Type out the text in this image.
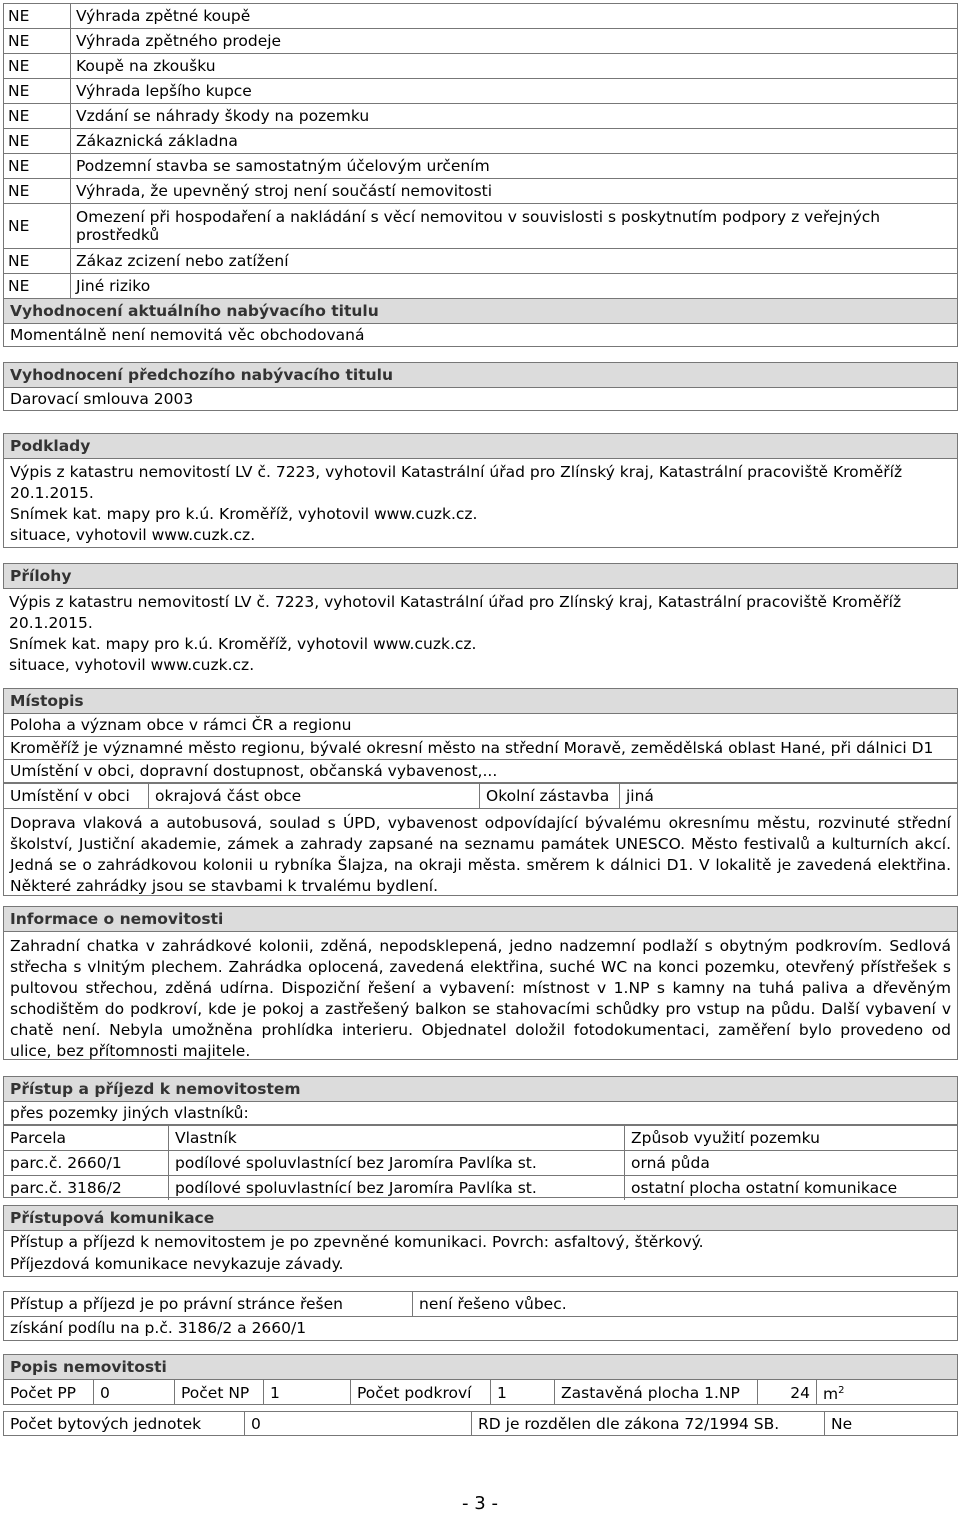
NE	Výhrada zpětné koupě
NE	Výhrada zpětného prodeje
NE	Koupě na zkoušku
NE	Výhrada lepšího kupce
NE	Vzdání se náhrady škody na pozemku
NE	Zákaznická základna
NE	Podzemní stavba se samostatným účelovým určením
NE	Výhrada, že upevněný stroj není součástí nemovitosti
NE	Omezení při hospodaření a nakládání s věcí nemovitou v souvislosti s poskytnutím podpory z veřejných prostředků
NE	Zákaz zcizení nebo zatížení
NE	Jiné riziko
Vyhodnocení aktuálního nabývacího titulu
Momentálně není nemovitá věc obchodovaná
Vyhodnocení předchozího nabývacího titulu
Darovací smlouva 2003
Podklady
Výpis z katastru nemovitostí LV č. 7223, vyhotovil Katastrální úřad pro Zlínský kraj, Katastrální pracoviště Kroměříž 20.1.2015.
Snímek kat. mapy pro k.ú. Kroměříž, vyhotovil www.cuzk.cz.
situace, vyhotovil www.cuzk.cz.
Přílohy
Výpis z katastru nemovitostí LV č. 7223, vyhotovil Katastrální úřad pro Zlínský kraj, Katastrální pracoviště Kroměříž 20.1.2015.
Snímek kat. mapy pro k.ú. Kroměříž, vyhotovil www.cuzk.cz.
situace, vyhotovil www.cuzk.cz.
Místopis
Poloha a význam obce v rámci ČR a regionu
Kroměříž je významné město regionu, bývalé okresní město na střední Moravě, zemědělská oblast Hané, při dálnici D1
Umístění v obci, dopravní dostupnost, občanská vybavenost,...
Umístění v obci	okrajová část obce	Okolní zástavba	jiná
Doprava vlaková a autobusová, soulad s ÚPD, vybavenost odpovídající bývalému okresnímu městu, rozvinuté střední školství, Justiční akademie, zámek a zahrady zapsané na seznamu památek UNESCO. Město festivalů a kulturních akcí. Jedná se o zahrádkovou kolonii u rybníka Šlajza, na okraji města. směrem k dálnici D1. V lokalitě je zavedená elektřina. Některé zahrádky jsou se stavbami k trvalému bydlení.
Informace o nemovitosti
Zahradní chatka v zahrádkové kolonii, zděná, nepodsklepená, jedno nadzemní podlaží s obytným podkrovím. Sedlová střecha s vlnitým plechem. Zahrádka oplocená, zavedená elektřina, suché WC na konci pozemku, otevřený přístřešek s pultovou střechou, zděná udírna. Dispoziční řešení a vybavení: místnost v 1.NP s kamny na tuhá paliva a dřevěným schodištěm do podkroví, kde je pokoj a zastřešený balkon se stahovacími schůdky pro vstup na půdu. Další vybavení v chatě není. Nebyla umožněna prohlídka interieru. Objednatel doložil fotodokumentaci, zaměření bylo provedeno od ulice, bez přítomnosti majitele.
Přístup a příjezd k nemovitostem
přes pozemky jiných vlastníků:
Parcela	Vlastník	Způsob využití pozemku
parc.č. 2660/1	podílové spoluvlastnící bez Jaromíra Pavlíka st.	orná půda
parc.č. 3186/2	podílové spoluvlastnící bez Jaromíra Pavlíka st.	ostatní plocha ostatní komunikace
Přístupová komunikace
Přístup a příjezd k nemovitostem je po zpevněné komunikaci. Povrch: asfaltový, štěrkový.
Příjezdová komunikace nevykazuje závady.
Přístup a příjezd je po právní stránce řešen	není řešeno vůbec.
získání podílu na p.č. 3186/2 a 2660/1
Popis nemovitosti
Počet PP	0	Počet NP	1	Počet podkroví	1	Zastavěná plocha 1.NP	24	$m^2$
Počet bytových jednotek	0	RD je rozdělen dle zákona 72/1994 SB.	Ne
- 3 -
